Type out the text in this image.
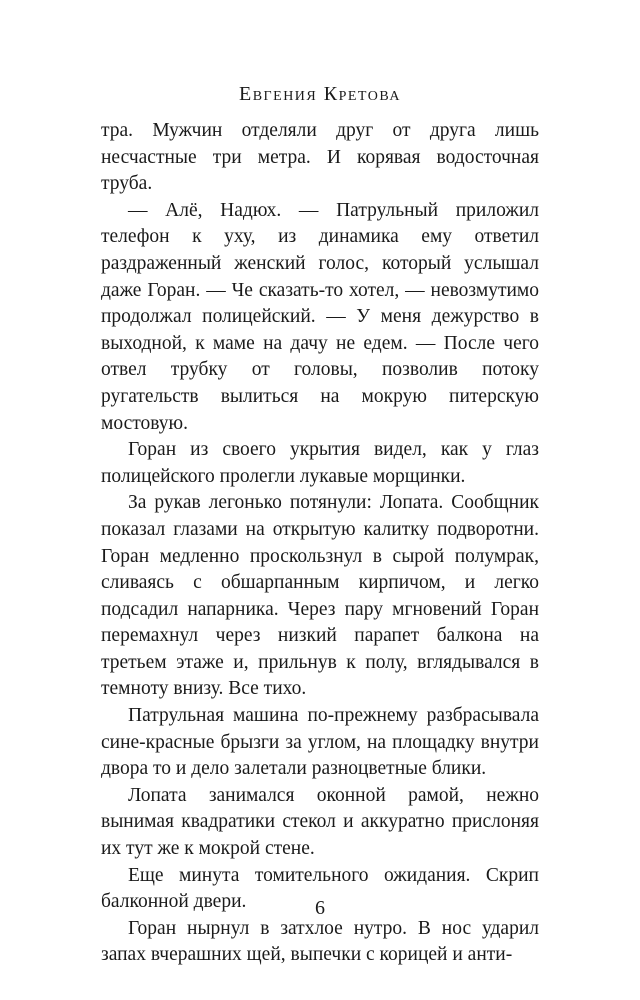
Евгения Кретова

тра. Мужчин отделяли друг от друга лишь несчастные три метра. И корявая водосточная труба.

— Алё, Надюх. — Патрульный приложил телефон к уху, из динамика ему ответил раздраженный женский голос, который услышал даже Горан. — Че сказать-то хотел, — невозмутимо продолжал полицейский. — У меня дежурство в выходной, к маме на дачу не едем. — После чего отвел трубку от головы, позволив потоку ругательств вылиться на мокрую питерскую мостовую.

Горан из своего укрытия видел, как у глаз полицейского пролегли лукавые морщинки.

За рукав легонько потянули: Лопата. Сообщник показал глазами на открытую калитку подворотни. Горан медленно проскользнул в сырой полумрак, сливаясь с обшарпанным кирпичом, и легко подсадил напарника. Через пару мгновений Горан перемахнул через низкий парапет балкона на третьем этаже и, прильнув к полу, вглядывался в темноту внизу. Все тихо.

Патрульная машина по-прежнему разбрасывала сине-красные брызги за углом, на площадку внутри двора то и дело залетали разноцветные блики.

Лопата занимался оконной рамой, нежно вынимая квадратики стекол и аккуратно прислоняя их тут же к мокрой стене.

Еще минута томительного ожидания. Скрип балконной двери.

Горан нырнул в затхлое нутро. В нос ударил запах вчерашних щей, выпечки с корицей и анти-

6
